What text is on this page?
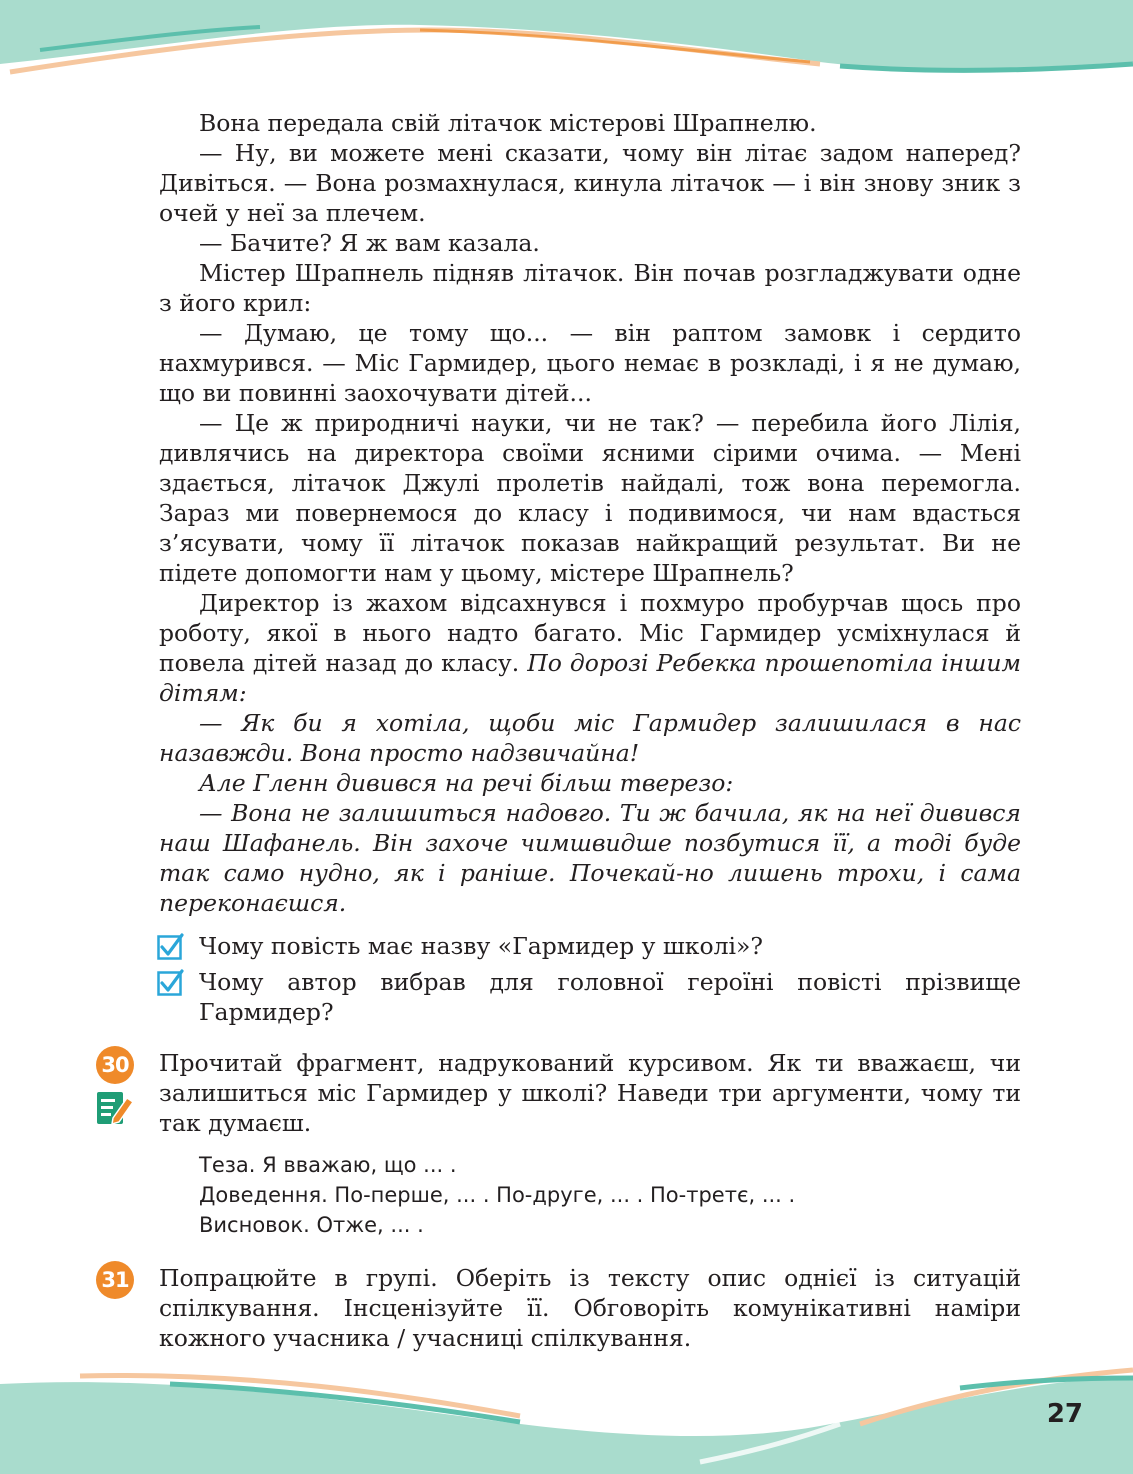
Вона передала свій літачок містерові Шрапнелю.

— Ну, ви можете мені сказати, чому він літає задом наперед? Дивіться. — Вона розмахнулася, кинула літачок — і він знову зник з очей у неї за плечем.

— Бачите? Я ж вам казала.

Містер Шрапнель підняв літачок. Він почав розгладжувати одне з його крил:

— Думаю, це тому що... — він раптом замовк і сердито нахмурився. — Міс Гармидер, цього немає в розкладі, і я не думаю, що ви повинні заохочувати дітей...

— Це ж природничі науки, чи не так? — перебила його Лілія, дивлячись на директора своїми ясними сірими очима. — Мені здається, літачок Джулі пролетів найдалі, тож вона перемогла. Зараз ми повернемося до класу і подивимося, чи нам вдасться з’ясувати, чому її літачок показав найкращий результат. Ви не підете допомогти нам у цьому, містере Шрапнель?

Директор із жахом відсахнувся і похмуро пробурчав щось про роботу, якої в нього надто багато. Міс Гармидер усміхнулася й повела дітей назад до класу. По дорозі Ребекка прошепотіла іншим дітям:

— Як би я хотіла, щоби міс Гармидер залишилася в нас назавжди. Вона просто надзвичайна!

Але Гленн дивився на речі більш тверезо:

— Вона не залишиться надовго. Ти ж бачила, як на неї дивився наш Шафанель. Він захоче чимшвидше позбутися її, а тоді буде так само нудно, як і раніше. Почекай-но лишень трохи, і сама переконаєшся.

Чому повість має назву «Гармидер у школі»?
Чому автор вибрав для головної героїні повісті прізвище Гармидер?
30 Прочитай фрагмент, надрукований курсивом. Як ти вважаєш, чи залишиться міс Гармидер у школі? Наведи три аргументи, чому ти так думаєш.
Теза. Я вважаю, що ... .
Доведення. По-перше, ... . По-друге, ... . По-третє, ... .
Висновок. Отже, ... .
31 Попрацюйте в групі. Оберіть із тексту опис однієї із ситуацій спілкування. Інсценізуйте її. Обговоріть комунікативні наміри кожного учасника / учасниці спілкування.
27
